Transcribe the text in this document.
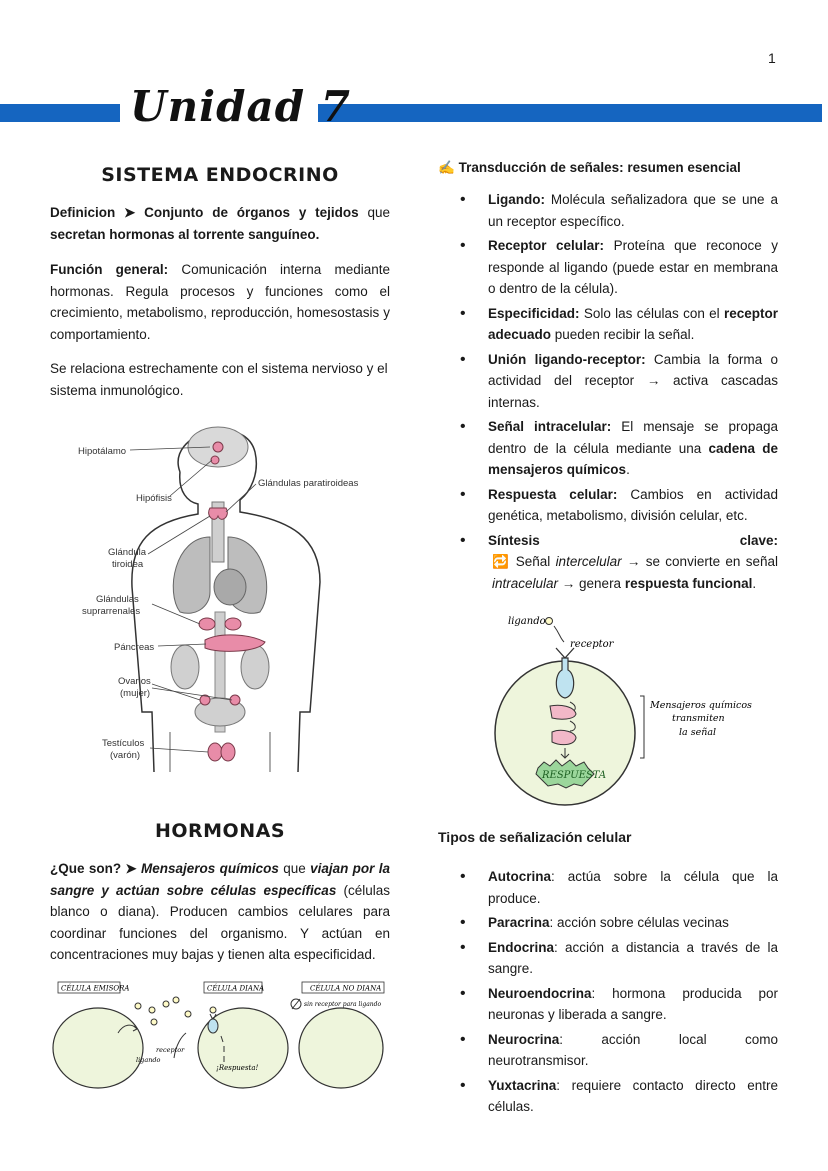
1
Unidad 7
SISTEMA ENDOCRINO
Definicion ➤ Conjunto de órganos y tejidos que secretan hormonas al torrente sanguíneo.
Función general: Comunicación interna mediante hormonas. Regula procesos y funciones como el crecimiento, metabolismo, reproducción, homesostasis y comportamiento.
Se relaciona estrechamente con el sistema nervioso y el sistema inmunológico.
Hipotálamo
Hipófisis
Glándulas paratiroideas
Glándula
tiroidea
Glándulas
suprarrenales
Páncreas
Ovarios
(mujer)
Testículos
(varón)
HORMONAS
¿Que son? ➤ Mensajeros químicos que viajan por la sangre y actúan sobre células específicas (células blanco o diana). Producen cambios celulares para coordinar funciones del organismo. Y actúan en concentraciones muy bajas y tienen alta especificidad.
CÉLULA EMISORA	CÉLULA DIANA	CÉLULA NO DIANA
sin receptor para ligando
receptor
ligando
¡Respuesta!
✍ Transducción de señales: resumen esencial
• Ligando: Molécula señalizadora que se une a un receptor específico.
• Receptor celular: Proteína que reconoce y responde al ligando (puede estar en membrana o dentro de la célula).
• Especificidad: Solo las células con el receptor adecuado pueden recibir la señal.
• Unión ligando-receptor: Cambia la forma o actividad del receptor → activa cascadas internas.
• Señal intracelular: El mensaje se propaga dentro de la célula mediante una cadena de mensajeros químicos.
• Respuesta celular: Cambios en actividad genética, metabolismo, división celular, etc.
• Síntesis	clave:
🔁 Señal intercelular → se convierte en señal intracelular → genera respuesta funcional.
ligando
receptor
RESPUESTA
Mensajeros químicos
transmiten
la señal
Tipos de señalización celular
• Autocrina: actúa sobre la célula que la produce.
• Paracrina: acción sobre células vecinas
• Endocrina: acción a distancia a través de la sangre.
• Neuroendocrina: hormona producida por neuronas y liberada a sangre.
• Neurocrina: acción local como neurotransmisor.
• Yuxtacrina: requiere contacto directo entre células.
